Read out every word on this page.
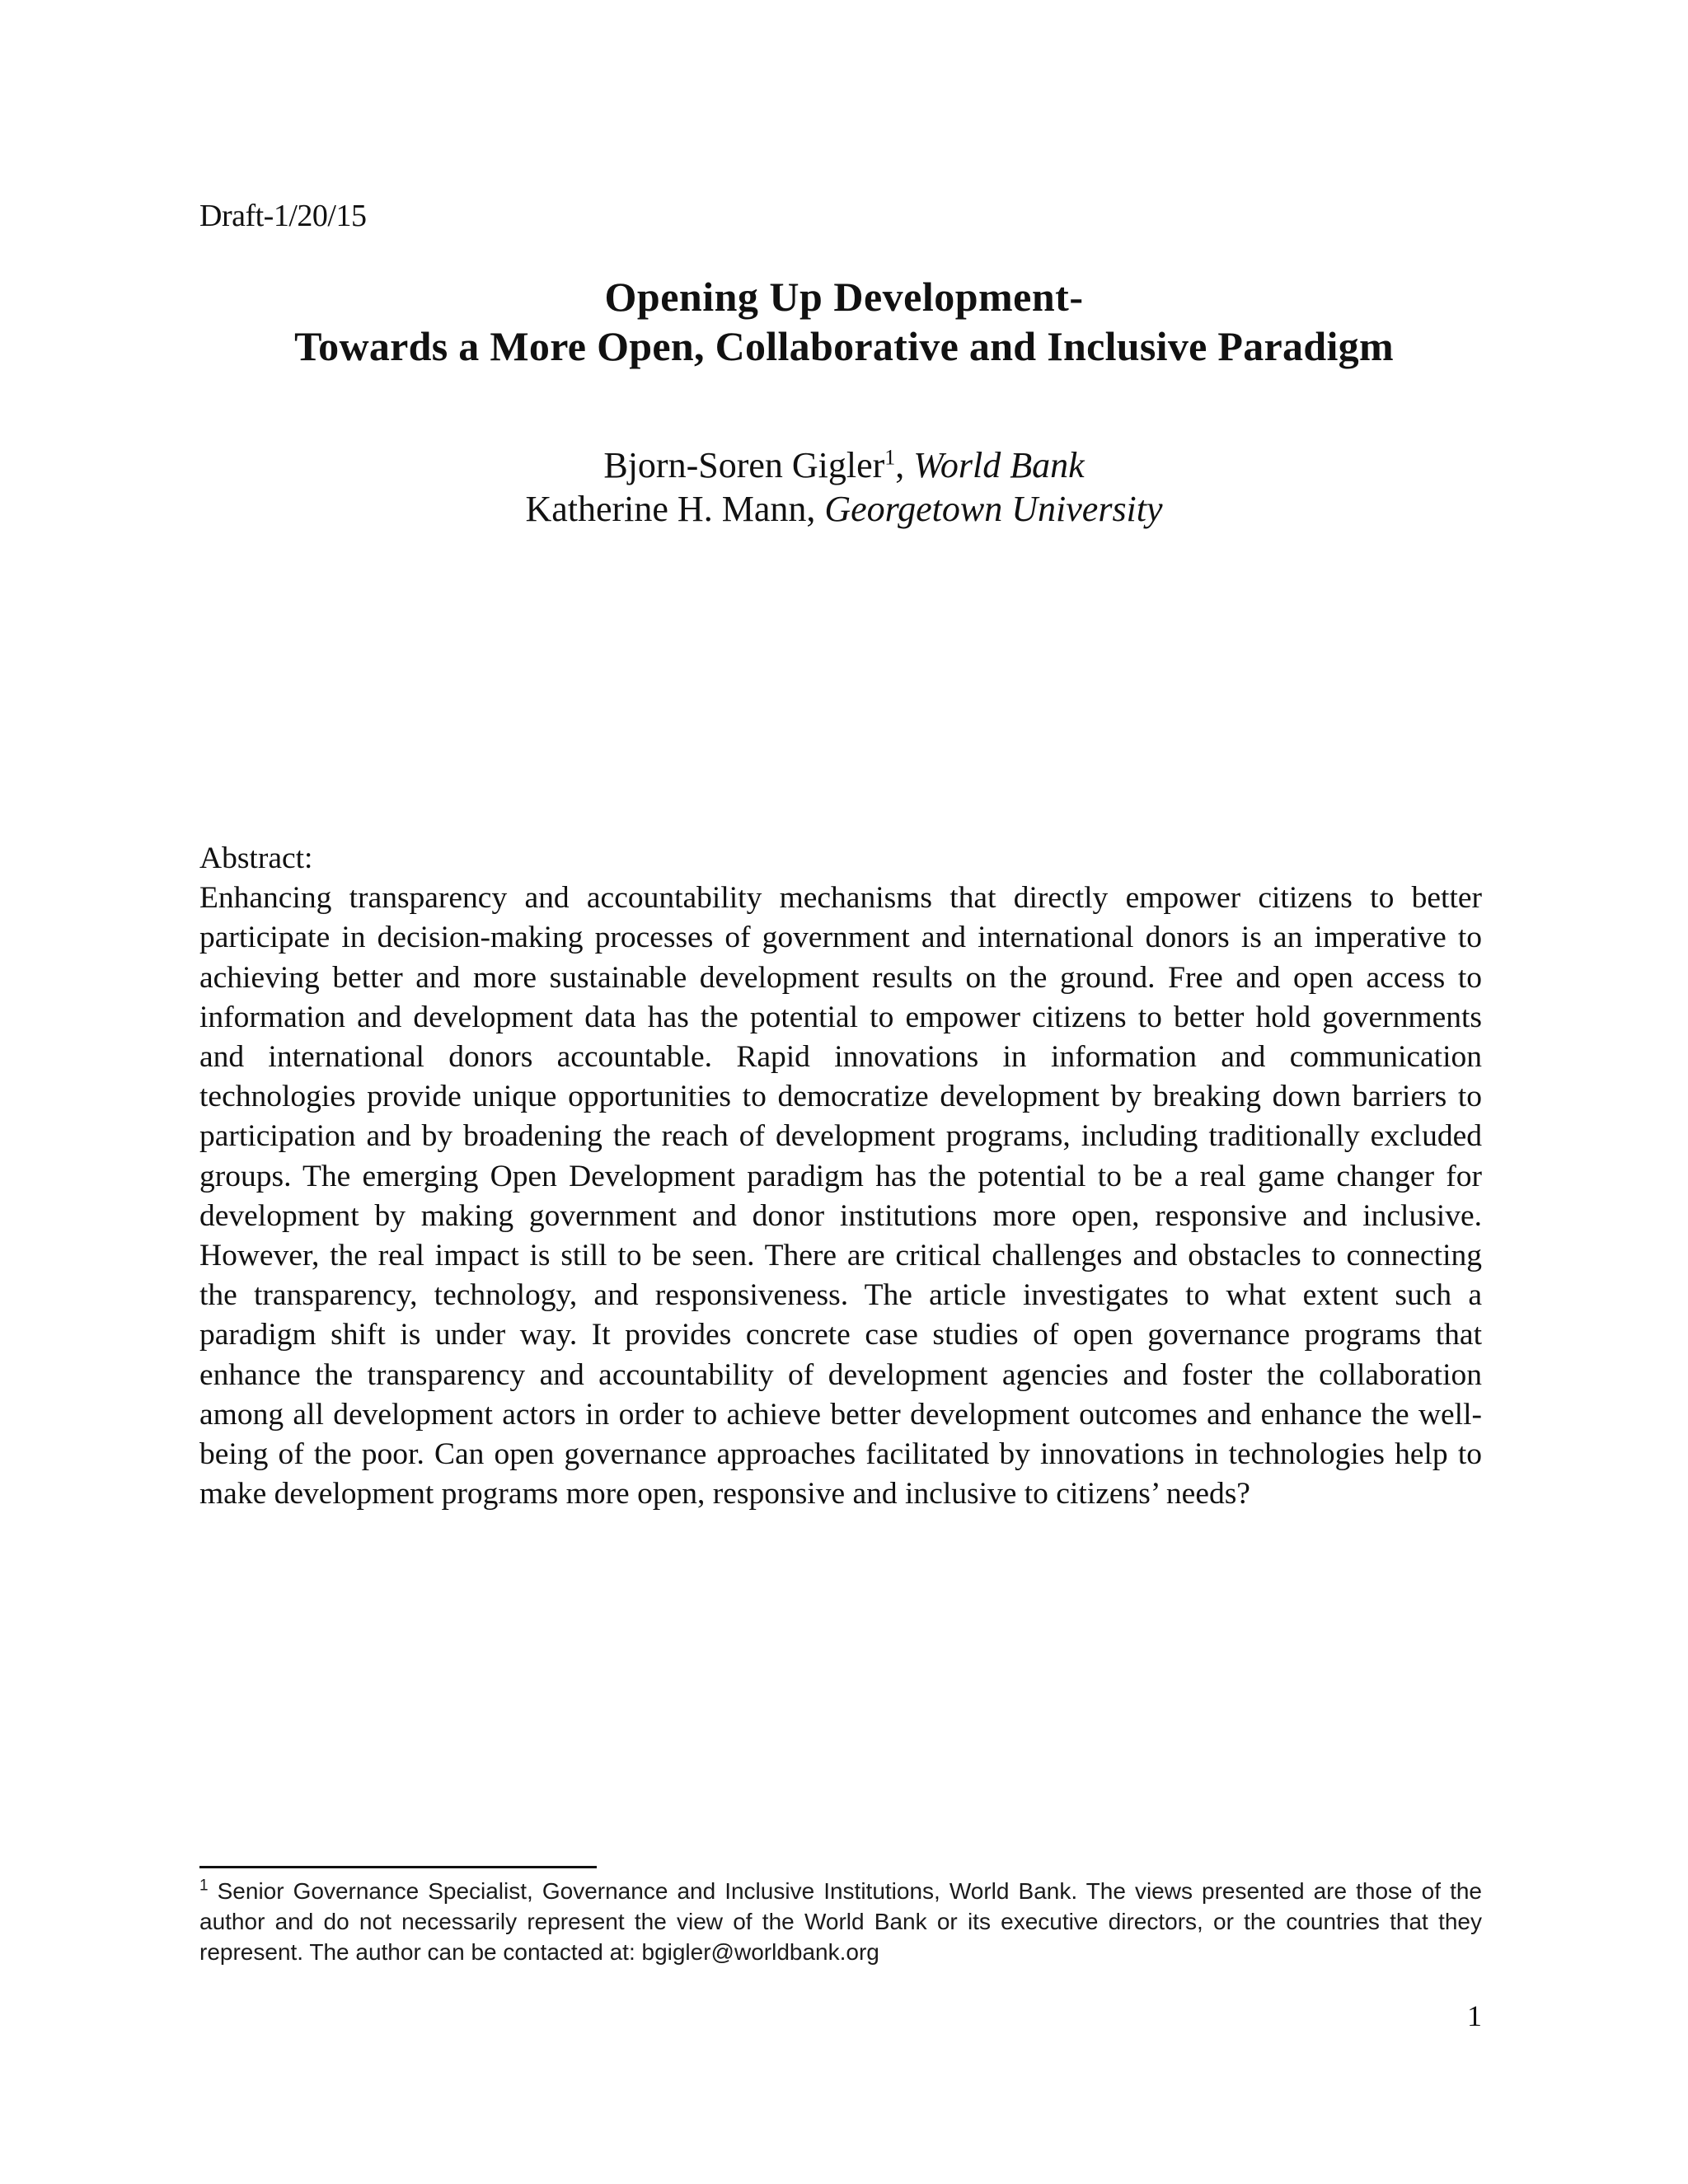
Draft-1/20/15
Opening Up Development-
Towards a More Open, Collaborative and Inclusive Paradigm
Bjorn-Soren Gigler$^1$, World Bank
Katherine H. Mann, Georgetown University
Abstract:
Enhancing transparency and accountability mechanisms that directly empower citizens to better participate in decision-making processes of government and international donors is an imperative to achieving better and more sustainable development results on the ground. Free and open access to information and development data has the potential to empower citizens to better hold governments and international donors accountable. Rapid innovations in information and communication technologies provide unique opportunities to democratize development by breaking down barriers to participation and by broadening the reach of development programs, including traditionally excluded groups. The emerging Open Development paradigm has the potential to be a real game changer for development by making government and donor institutions more open, responsive and inclusive. However, the real impact is still to be seen. There are critical challenges and obstacles to connecting the transparency, technology, and responsiveness. The article investigates to what extent such a paradigm shift is under way. It provides concrete case studies of open governance programs that enhance the transparency and accountability of development agencies and foster the collaboration among all development actors in order to achieve better development outcomes and enhance the well-being of the poor. Can open governance approaches facilitated by innovations in technologies help to make development programs more open, responsive and inclusive to citizens’ needs?
$^1$ Senior Governance Specialist, Governance and Inclusive Institutions, World Bank. The views presented are those of the author and do not necessarily represent the view of the World Bank or its executive directors, or the countries that they represent. The author can be contacted at: bgigler@worldbank.org
1
